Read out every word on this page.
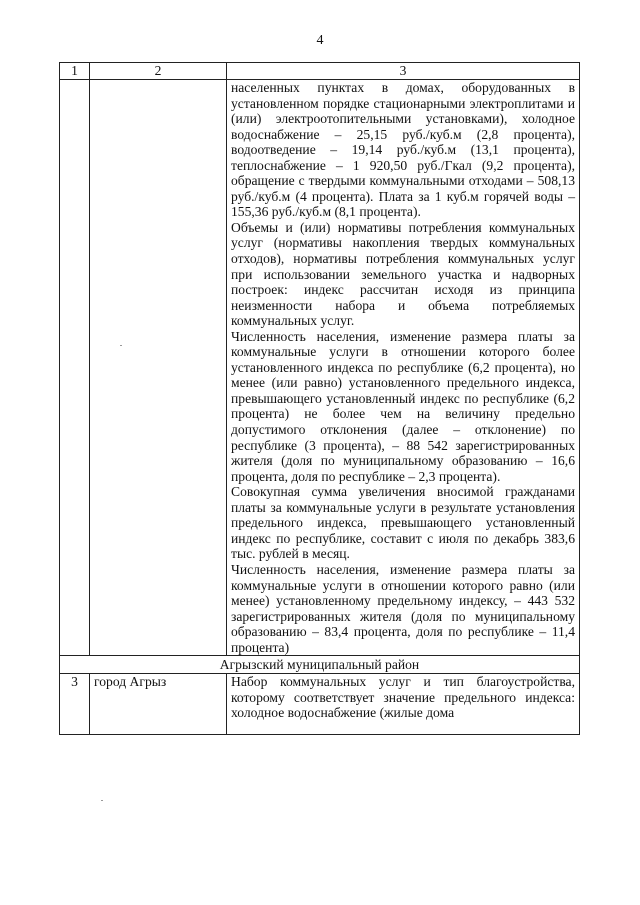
4
1	2	3

		населенных пунктах в домах, оборудованных в установленном порядке стационарными электроплитами и (или) электроотопительными установками), холодное водоснабжение – 25,15 руб./куб.м (2,8 процента), водоотведение – 19,14 руб./куб.м (13,1 процента), теплоснабжение – 1 920,50 руб./Гкал (9,2 процента), обращение с твердыми коммунальными отходами – 508,13 руб./куб.м (4 процента). Плата за 1 куб.м горячей воды – 155,36 руб./куб.м (8,1 процента).
Объемы и (или) нормативы потребления коммунальных услуг (нормативы накопления твердых коммунальных отходов), нормативы потребления коммунальных услуг при использовании земельного участка и надворных построек: индекс рассчитан исходя из принципа неизменности набора и объема потребляемых коммунальных услуг.
Численность населения, изменение размера платы за коммунальные услуги в отношении которого более установленного индекса по республике (6,2 процента), но менее (или равно) установленного предельного индекса, превышающего установленный индекс по республике (6,2 процента) не более чем на величину предельно допустимого отклонения (далее – отклонение) по республике (3 процента), – 88 542 зарегистрированных жителя (доля по муниципальному образованию – 16,6 процента, доля по республике – 2,3 процента).
Совокупная сумма увеличения вносимой гражданами платы за коммунальные услуги в результате установления предельного индекса, превышающего установленный индекс по республике, составит с июля по декабрь 383,6 тыс. рублей в месяц.
Численность населения, изменение размера платы за коммунальные услуги в отношении которого равно (или менее) установленному предельному индексу, – 443 532 зарегистрированных жителя (доля по муниципальному образованию – 83,4 процента, доля по республике – 11,4 процента)

Агрызский муниципальный район		
3	город Агрыз	Набор коммунальных услуг и тип благоустройства, которому соответствует значение предельного индекса: холодное водоснабжение (жилые дома
